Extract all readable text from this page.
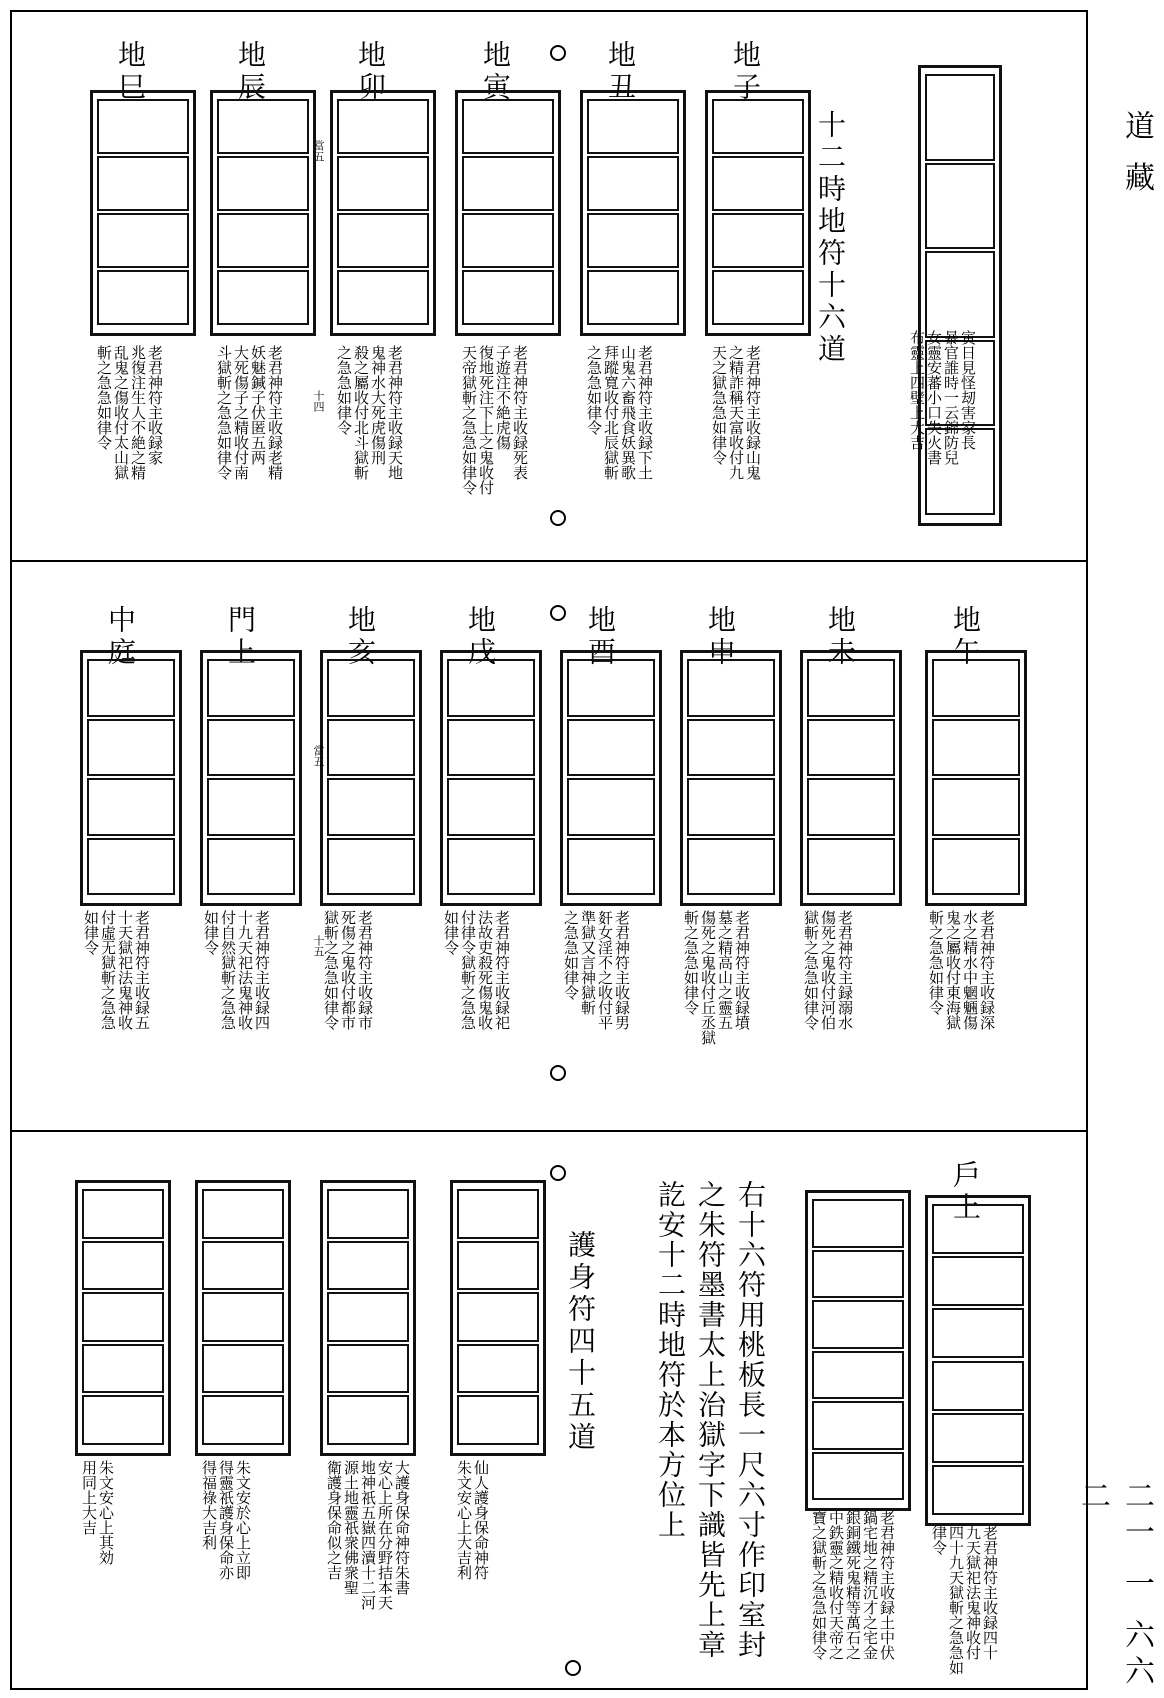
道 藏
二一 一 六六二
寅日見怪刼害家長
暴官誰時一云錦防兒
女靈安蕃小口失火書
布靈上四壁上大吉
十二時地符十六道
當五
十四
地子
老君神符主收録山鬼
之精詐稱天富收付九
天之獄急急如律令
地丑
老君神符主收録下土
山鬼六畜飛食妖異歌
拜蹤寬收付北辰獄斬
之急急如律令
地寅
老君神符主收録死表
子遊注不絶虎傷
復地死注下上之鬼收付
天帝獄斬之急急如律令
地卯
老君神符主收録天地
鬼神水大死虎傷刑
殺之屬收付北斗獄斬
之急急如律令
地辰
老君神符主收録老精
妖魅鍼子伏匿五两
大死傷子之精收付南
斗獄斬之急急如律令
地巳
老君神符主收録家
兆復注生人不絶之精
乱鬼之傷收付太山獄
斬之急急如律令
地午
老君神符主收録深
水之精水中魍魎傷
鬼之屬收付東海獄
斬之急急如律令
地未
老君神符主録溺水
傷死之鬼收付河伯
獄斬之急急如律令
地申
老君神符主收録墳
墓之精高山之靈五
傷死之鬼收付丘丞獄
斬之急急如律令
地酉
老君神符主收録男
姧女淫不之收付平
準獄又言神獄斬
之急急如律令
地戌
老君神符主收録祀
法故吏殺死傷鬼收
付律令獄斬之急急
如律令
地亥
老君神符主收録市
死傷之鬼收付都市
獄斬之急急如律令
門上
老君神符主收録四
十九天祀法鬼神收
付自然獄斬之急急
如律令
中庭
老君神符主收録五
十天獄祀法鬼神收
付虛无獄斬之急急
如律令
當五
十五
戶上
老君神符主收録四十
九天獄祀法鬼神收付
四十九天獄斬之急急如
律令
老君神符主收録土中伏
鍋宅地之精沉才之宅金
銀銅鐵死鬼精等萬石之
中鉄靈之精收付天帝之
寶之獄斬之急急如律令
右十六符用桃板長一尺六寸作印室封
之朱符墨書太上治獄字下識皆先上章
訖安十二時地符於本方位上
護身符四十五道
仙人護身保命神符
朱文安心上大吉利
大護身保命神符朱書
安心上所在分野拮本天
地神祇五嶽四瀆十二河
源土地靈祇衆佛衆聖
衛護身保命似之吉
朱文安於心上立即
得靈祇護身保命亦
得福祿大吉利
朱文安心上其効
用同上大吉
